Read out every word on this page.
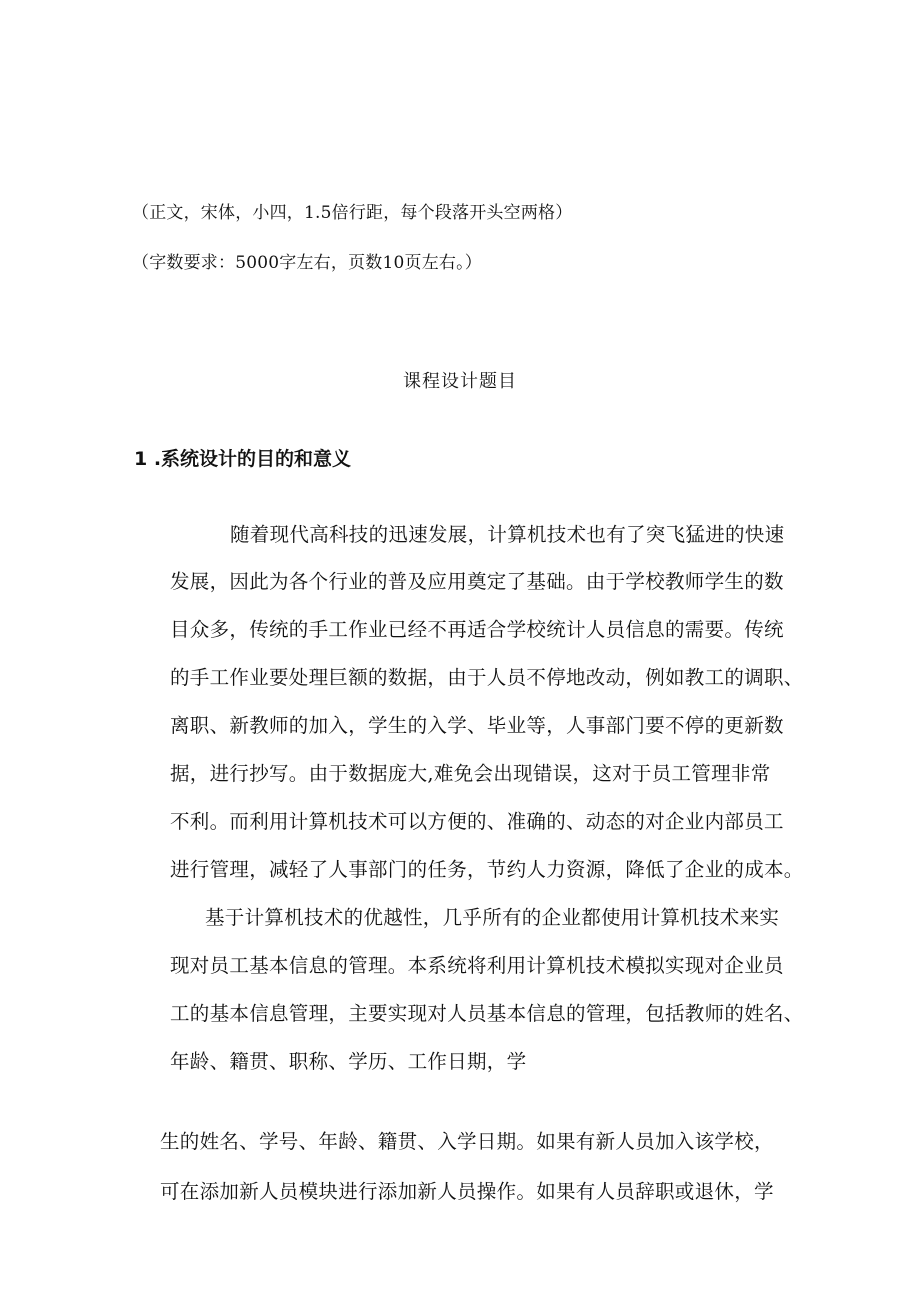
（正文，宋体，小四，1.5倍行距，每个段落开头空两格）
（字数要求：5000字左右，页数10页左右。）
课程设计题目
1 .系统设计的目的和意义
随着现代高科技的迅速发展，计算机技术也有了突飞猛进的快速
发展，因此为各个行业的普及应用奠定了基础。由于学校教师学生的数
目众多，传统的手工作业已经不再适合学校统计人员信息的需要。传统
的手工作业要处理巨额的数据，由于人员不停地改动，例如教工的调职、
离职、新教师的加入，学生的入学、毕业等，人事部门要不停的更新数
据，进行抄写。由于数据庞大,难免会出现错误，这对于员工管理非常
不利。而利用计算机技术可以方便的、准确的、动态的对企业内部员工
进行管理，减轻了人事部门的任务，节约人力资源，降低了企业的成本。
基于计算机技术的优越性，几乎所有的企业都使用计算机技术来实
现对员工基本信息的管理。本系统将利用计算机技术模拟实现对企业员
工的基本信息管理，主要实现对人员基本信息的管理，包括教师的姓名、
年龄、籍贯、职称、学历、工作日期，学
生的姓名、学号、年龄、籍贯、入学日期。如果有新人员加入该学校，
可在添加新人员模块进行添加新人员操作。如果有人员辞职或退休，学
